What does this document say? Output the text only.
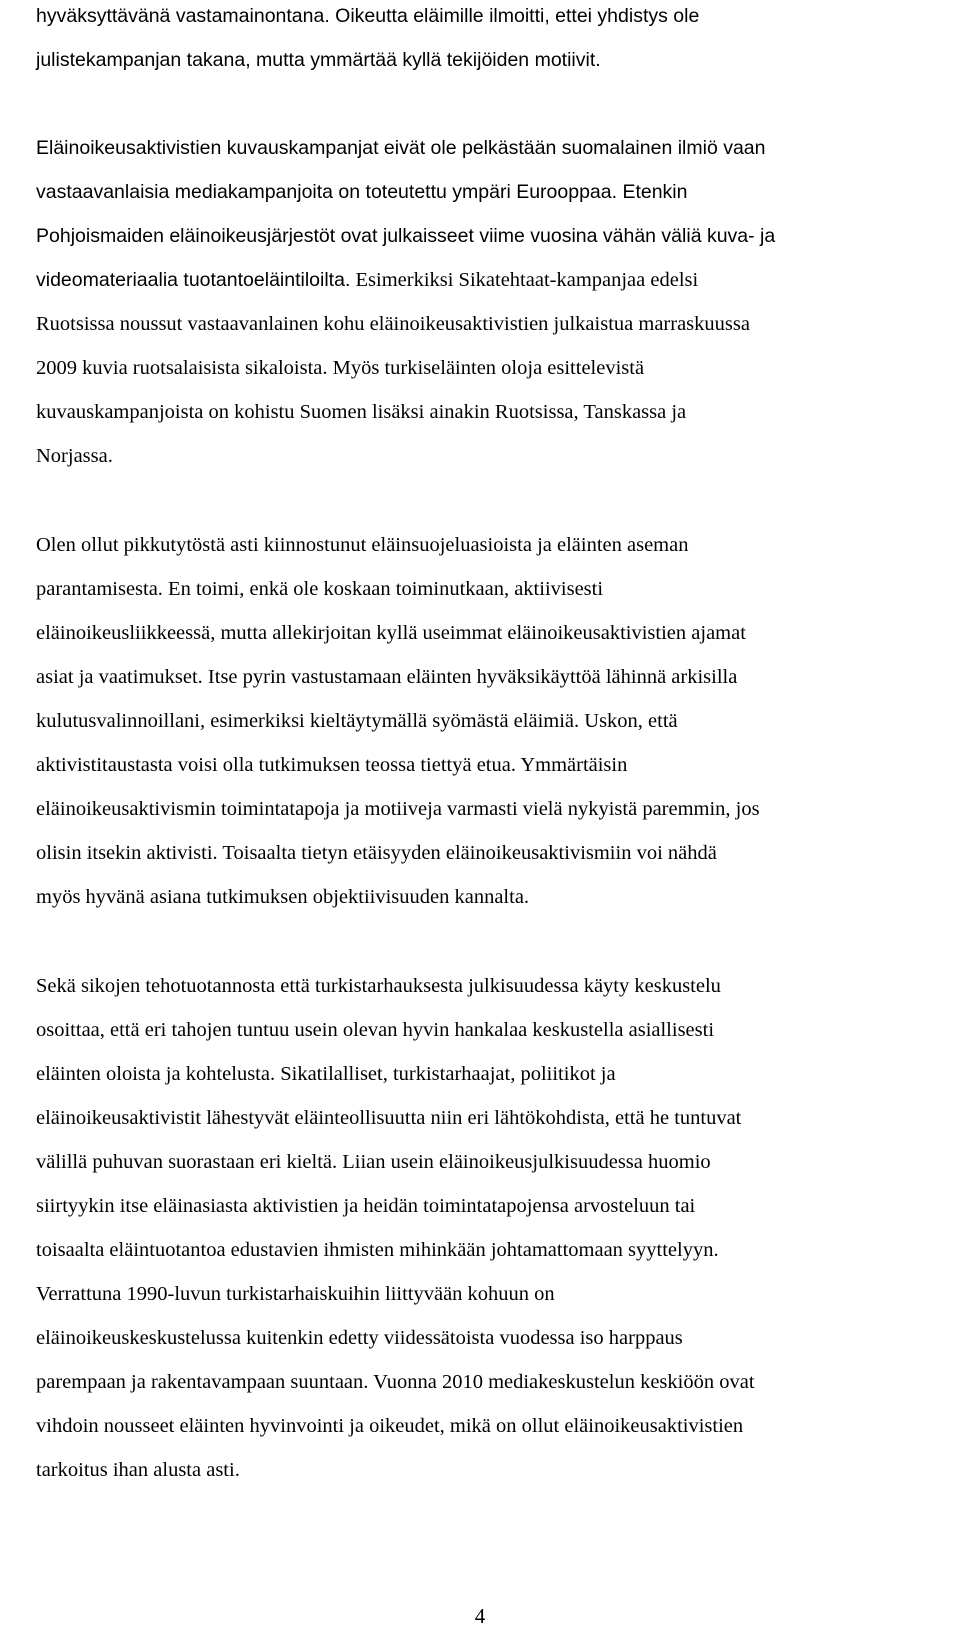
hyväksyttävänä vastamainontana. Oikeutta eläimille ilmoitti, ettei yhdistys ole
julistekampanjan takana, mutta ymmärtää kyllä tekijöiden motiivit.
Eläinoikeusaktivistien kuvauskampanjat eivät ole pelkästään suomalainen ilmiö vaan
vastaavanlaisia mediakampanjoita on toteutettu ympäri Eurooppaa. Etenkin
Pohjoismaiden eläinoikeusjärjestöt ovat julkaisseet viime vuosina vähän väliä kuva- ja
videomateriaalia tuotantoeläintiloilta. Esimerkiksi Sikatehtaat-kampanjaa edelsi
Ruotsissa noussut vastaavanlainen kohu eläinoikeusaktivistien julkaistua marraskuussa
2009 kuvia ruotsalaisista sikaloista. Myös turkiseläinten oloja esittelevistä
kuvauskampanjoista on kohistu Suomen lisäksi ainakin Ruotsissa, Tanskassa ja
Norjassa.
Olen ollut pikkutytöstä asti kiinnostunut eläinsuojeluasioista ja eläinten aseman
parantamisesta. En toimi, enkä ole koskaan toiminutkaan, aktiivisesti
eläinoikeusliikkeessä, mutta allekirjoitan kyllä useimmat eläinoikeusaktivistien ajamat
asiat ja vaatimukset. Itse pyrin vastustamaan eläinten hyväksikäyttöä lähinnä arkisilla
kulutusvalinnoillani, esimerkiksi kieltäytymällä syömästä eläimiä. Uskon, että
aktivistitaustasta voisi olla tutkimuksen teossa tiettyä etua. Ymmärtäisin
eläinoikeusaktivismin toimintatapoja ja motiiveja varmasti vielä nykyistä paremmin, jos
olisin itsekin aktivisti. Toisaalta tietyn etäisyyden eläinoikeusaktivismiin voi nähdä
myös hyvänä asiana tutkimuksen objektiivisuuden kannalta.
Sekä sikojen tehotuotannosta että turkistarhauksesta julkisuudessa käyty keskustelu
osoittaa, että eri tahojen tuntuu usein olevan hyvin hankalaa keskustella asiallisesti
eläinten oloista ja kohtelusta. Sikatilalliset, turkistarhaajat, poliitikot ja
eläinoikeusaktivistit lähestyvät eläinteollisuutta niin eri lähtökohdista, että he tuntuvat
välillä puhuvan suorastaan eri kieltä. Liian usein eläinoikeusjulkisuudessa huomio
siirtyykin itse eläinasiasta aktivistien ja heidän toimintatapojensa arvosteluun tai
toisaalta eläintuotantoa edustavien ihmisten mihinkään johtamattomaan syyttelyyn.
Verrattuna 1990-luvun turkistarhaiskuihin liittyvään kohuun on
eläinoikeuskeskustelussa kuitenkin edetty viidessätoista vuodessa iso harppaus
parempaan ja rakentavampaan suuntaan. Vuonna 2010 mediakeskustelun keskiöön ovat
vihdoin nousseet eläinten hyvinvointi ja oikeudet, mikä on ollut eläinoikeusaktivistien
tarkoitus ihan alusta asti.
4
